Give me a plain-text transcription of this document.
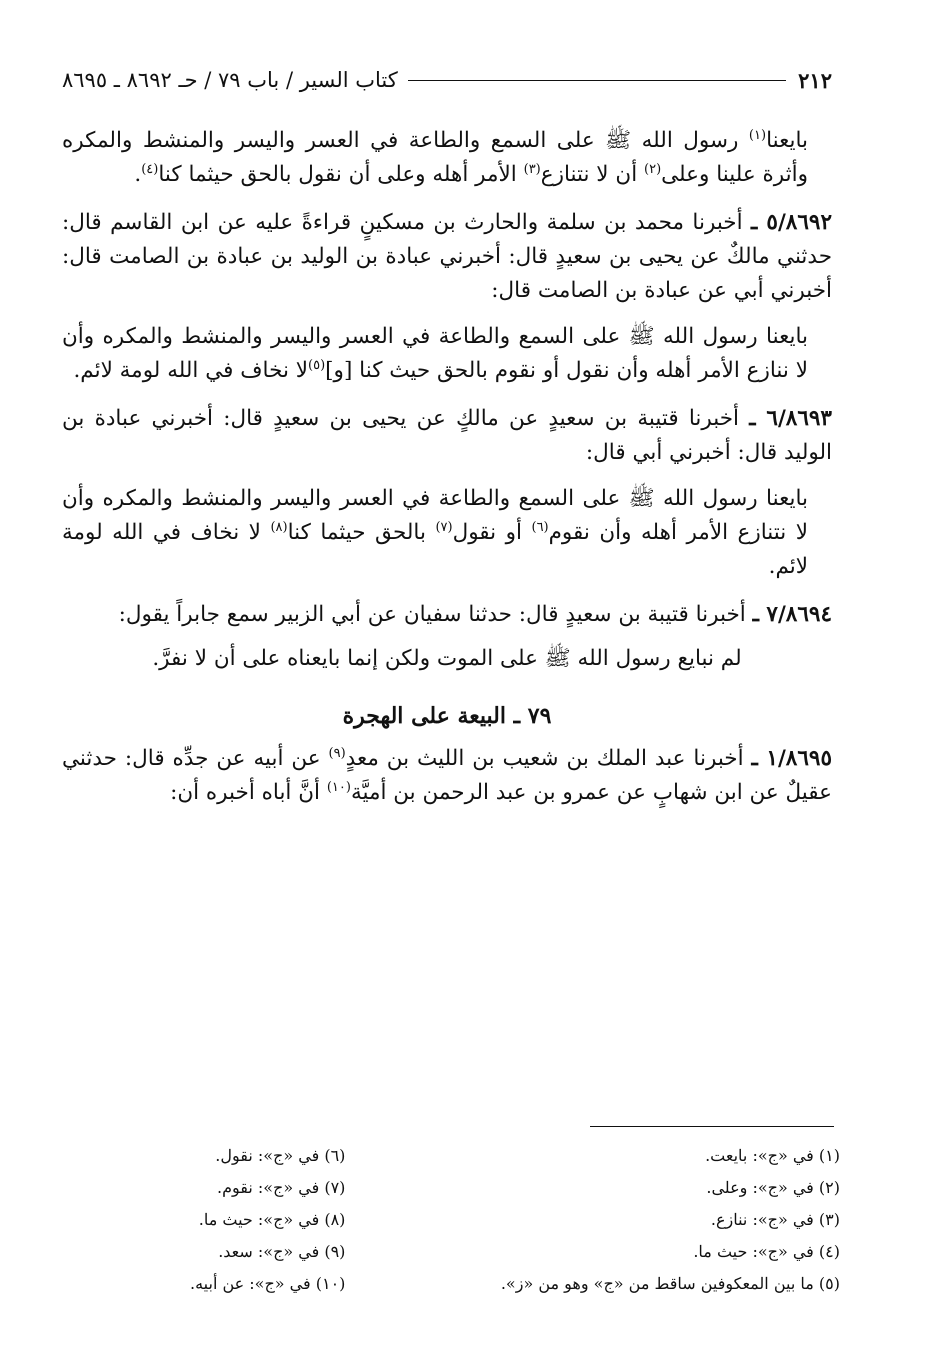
٢١٢
كتاب السير / باب ٧٩ / حـ ٨٦٩٢ ـ ٨٦٩٥

بايعنا$^{(١)}$ رسول الله ﷺ على السمع والطاعة في العسر واليسر والمنشط والمكره وأثرة علينا وعلى$^{(٢)}$ أن لا نتنازع$^{(٣)}$ الأمر أهله وعلى أن نقول بالحق حيثما كنا$^{(٤)}$.

٥/٨٦٩٢ ـ أخبرنا محمد بن سلمة والحارث بن مسكينٍ قراءةً عليه عن ابن القاسم قال: حدثني مالكٌ عن يحيى بن سعيدٍ قال: أخبرني عبادة بن الوليد بن عبادة بن الصامت قال: أخبرني أبي عن عبادة بن الصامت قال:

بايعنا رسول الله ﷺ على السمع والطاعة في العسر واليسر والمنشط والمكره وأن لا ننازع الأمر أهله وأن نقول أو نقوم بالحق حيث كنا [و]$^{(٥)}$لا نخاف في الله لومة لائم.

٦/٨٦٩٣ ـ أخبرنا قتيبة بن سعيدٍ عن مالكٍ عن يحيى بن سعيدٍ قال: أخبرني عبادة بن الوليد قال: أخبرني أبي قال:

بايعنا رسول الله ﷺ على السمع والطاعة في العسر واليسر والمنشط والمكره وأن لا نتنازع الأمر أهله وأن نقوم$^{(٦)}$ أو نقول$^{(٧)}$ بالحق حيثما كنا$^{(٨)}$ لا نخاف في الله لومة لائم.

٧/٨٦٩٤ ـ أخبرنا قتيبة بن سعيدٍ قال: حدثنا سفيان عن أبي الزبير سمع جابراً يقول:

لم نبايع رسول الله ﷺ على الموت ولكن إنما بايعناه على أن لا نفرَّ.

٧٩ ـ البيعة على الهجرة

١/٨٦٩٥ ـ أخبرنا عبد الملك بن شعيب بن الليث بن معدٍ$^{(٩)}$ عن أبيه عن جدِّه قال: حدثني عقيلٌ عن ابن شهابٍ عن عمرو بن عبد الرحمن بن أميَّة$^{(١٠)}$ أنَّ أباه أخبره أن:

(١) في «ج»: بايعت.
(٢) في «ج»: وعلى.
(٣) في «ج»: ننازع.
(٤) في «ج»: حيث ما.
(٥) ما بين المعكوفين ساقط من «ج» وهو من «ز».
(٦) في «ج»: نقول.
(٧) في «ج»: نقوم.
(٨) في «ج»: حيث ما.
(٩) في «ج»: سعد.
(١٠) في «ج»: عن أبيه.
